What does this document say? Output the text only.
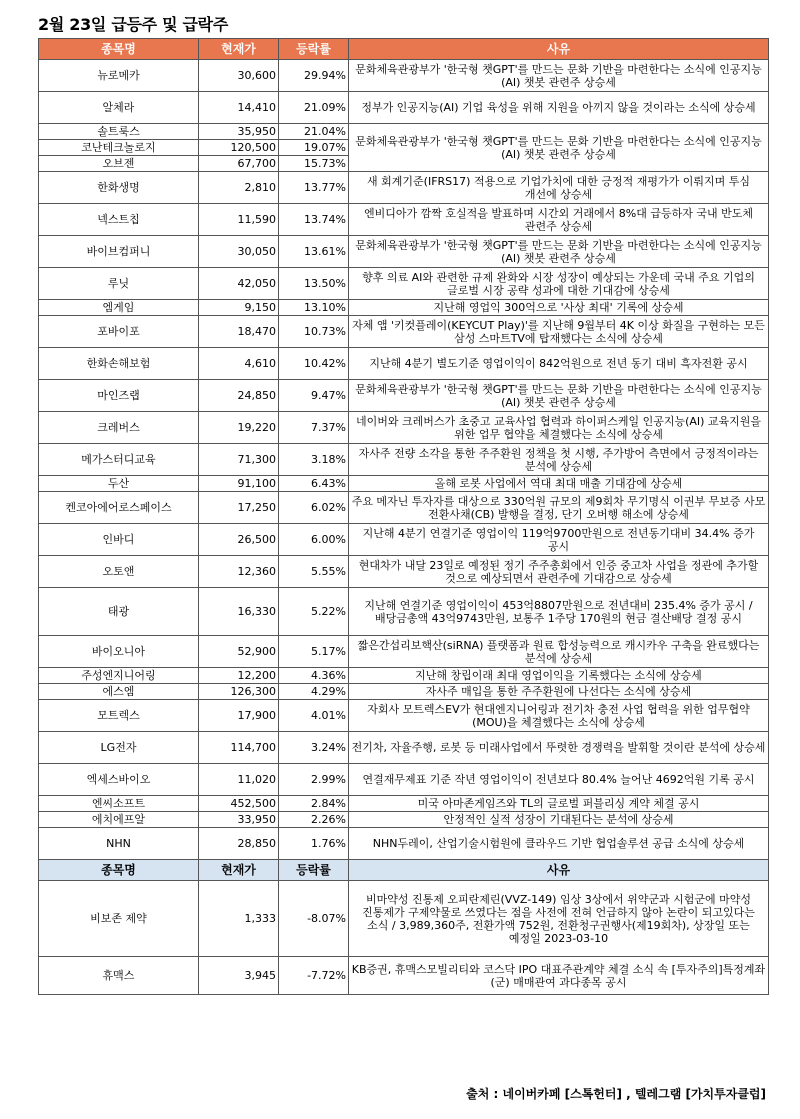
2월 23일 급등주 및 급락주
종목명	현재가	등락률	사유
뉴로메카	30,600	29.94%	문화체육관광부가 '한국형 챗GPT'를 만드는 문화 기반을 마련한다는 소식에 인공지능(AI) 챗봇 관련주 상승세
알체라	14,410	21.09%	정부가 인공지능(AI) 기업 육성을 위해 지원을 아끼지 않을 것이라는 소식에 상승세
솔트룩스	35,950	21.04%	문화체육관광부가 '한국형 챗GPT'를 만드는 문화 기반을 마련한다는 소식에 인공지능(AI) 챗봇 관련주 상승세
코난테크놀로지	120,500	19.07%	
오브젠	67,700	15.73%	
한화생명	2,810	13.77%	새 회계기준(IFRS17) 적용으로 기업가치에 대한 긍정적 재평가가 이뤄지며 투심 개선에 상승세
넥스트칩	11,590	13.74%	엔비디아가 깜짝 호실적을 발표하며 시간외 거래에서 8%대 급등하자 국내 반도체 관련주 상승세
바이브컴퍼니	30,050	13.61%	문화체육관광부가 '한국형 챗GPT'를 만드는 문화 기반을 마련한다는 소식에 인공지능(AI) 챗봇 관련주 상승세
루닛	42,050	13.50%	향후 의료 AI와 관련한 규제 완화와 시장 성장이 예상되는 가운데 국내 주요 기업의 글로벌 시장 공략 성과에 대한 기대감에 상승세
엠게임	9,150	13.10%	지난해 영업익 300억으로 '사상 최대' 기록에 상승세
포바이포	18,470	10.73%	자체 앱 '키컷플레이(KEYCUT Play)'를 지난해 9월부터 4K 이상 화질을 구현하는 모든 삼성 스마트TV에 탑재했다는 소식에 상승세
한화손해보험	4,610	10.42%	지난해 4분기 별도기준 영업이익이 842억원으로 전년 동기 대비 흑자전환 공시
마인즈랩	24,850	9.47%	문화체육관광부가 '한국형 챗GPT'를 만드는 문화 기반을 마련한다는 소식에 인공지능(AI) 챗봇 관련주 상승세
크레버스	19,220	7.37%	네이버와 크레버스가 초중고 교육사업 협력과 하이퍼스케일 인공지능(AI) 교육지원을 위한 업무 협약을 체결했다는 소식에 상승세
메가스터디교육	71,300	3.18%	자사주 전량 소각을 통한 주주환원 정책을 첫 시행, 주가방어 측면에서 긍정적이라는 분석에 상승세
두산	91,100	6.43%	올해 로봇 사업에서 역대 최대 매출 기대감에 상승세
켄코아에어로스페이스	17,250	6.02%	주요 메자닌 투자자를 대상으로 330억원 규모의 제9회차 무기명식 이권부 무보증 사모 전환사채(CB) 발행을 결정, 단기 오버행 해소에 상승세
인바디	26,500	6.00%	지난해 4분기 연결기준 영업이익 119억9700만원으로 전년동기대비 34.4% 증가 공시
오토앤	12,360	5.55%	현대차가 내달 23일로 예정된 정기 주주총회에서 인증 중고차 사업을 정관에 추가할 것으로 예상되면서 관련주에 기대감으로 상승세
태광	16,330	5.22%	지난해 연결기준 영업이익이 453억8807만원으로 전년대비 235.4% 증가 공시 / 배당금총액 43억9743만원, 보통주 1주당 170원의 현금 결산배당 결정 공시
바이오니아	52,900	5.17%	짧은간섭리보핵산(siRNA) 플랫폼과 원료 합성능력으로 캐시카우 구축을 완료했다는 분석에 상승세
주성엔지니어링	12,200	4.36%	지난해 창립이래 최대 영업이익을 기록했다는 소식에 상승세
에스엠	126,300	4.29%	자사주 매입을 통한 주주환원에 나선다는 소식에 상승세
모트렉스	17,900	4.01%	자회사 모트렉스EV가 현대엔지니어링과 전기차 충전 사업 협력을 위한 업무협약(MOU)을 체결했다는 소식에 상승세
LG전자	114,700	3.24%	전기차, 자율주행, 로봇 등 미래사업에서 뚜렷한 경쟁력을 발휘할 것이란 분석에 상승세
엑세스바이오	11,020	2.99%	연결재무제표 기준 작년 영업이익이 전년보다 80.4% 늘어난 4692억원 기록 공시
엔씨소프트	452,500	2.84%	미국 아마존게임즈와 TL의 글로벌 퍼블리싱 계약 체결 공시
에치에프알	33,950	2.26%	안정적인 실적 성장이 기대된다는 분석에 상승세
NHN	28,850	1.76%	NHN두레이, 산업기술시험원에 클라우드 기반 협업솔루션 공급 소식에 상승세
종목명	현재가	등락률	사유
비보존 제약	1,333	-8.07%	비마약성 진통제 오피란제린(VVZ-149) 임상 3상에서 위약군과 시험군에 마약성 진통제가 구제약물로 쓰였다는 점을 사전에 전혀 언급하지 않아 논란이 되고있다는 소식 / 3,989,360주, 전환가액 752원, 전환청구권행사(제19회차), 상장일 또는 예정일 2023-03-10
휴맥스	3,945	-7.72%	KB증권, 휴맥스모빌리티와 코스닥 IPO 대표주관계약 체결 소식 속 [투자주의]특정계좌(군) 매매관여 과다종목 공시
출처 : 네이버카페 [스톡헌터] , 텔레그램 [가치투자클럽]
